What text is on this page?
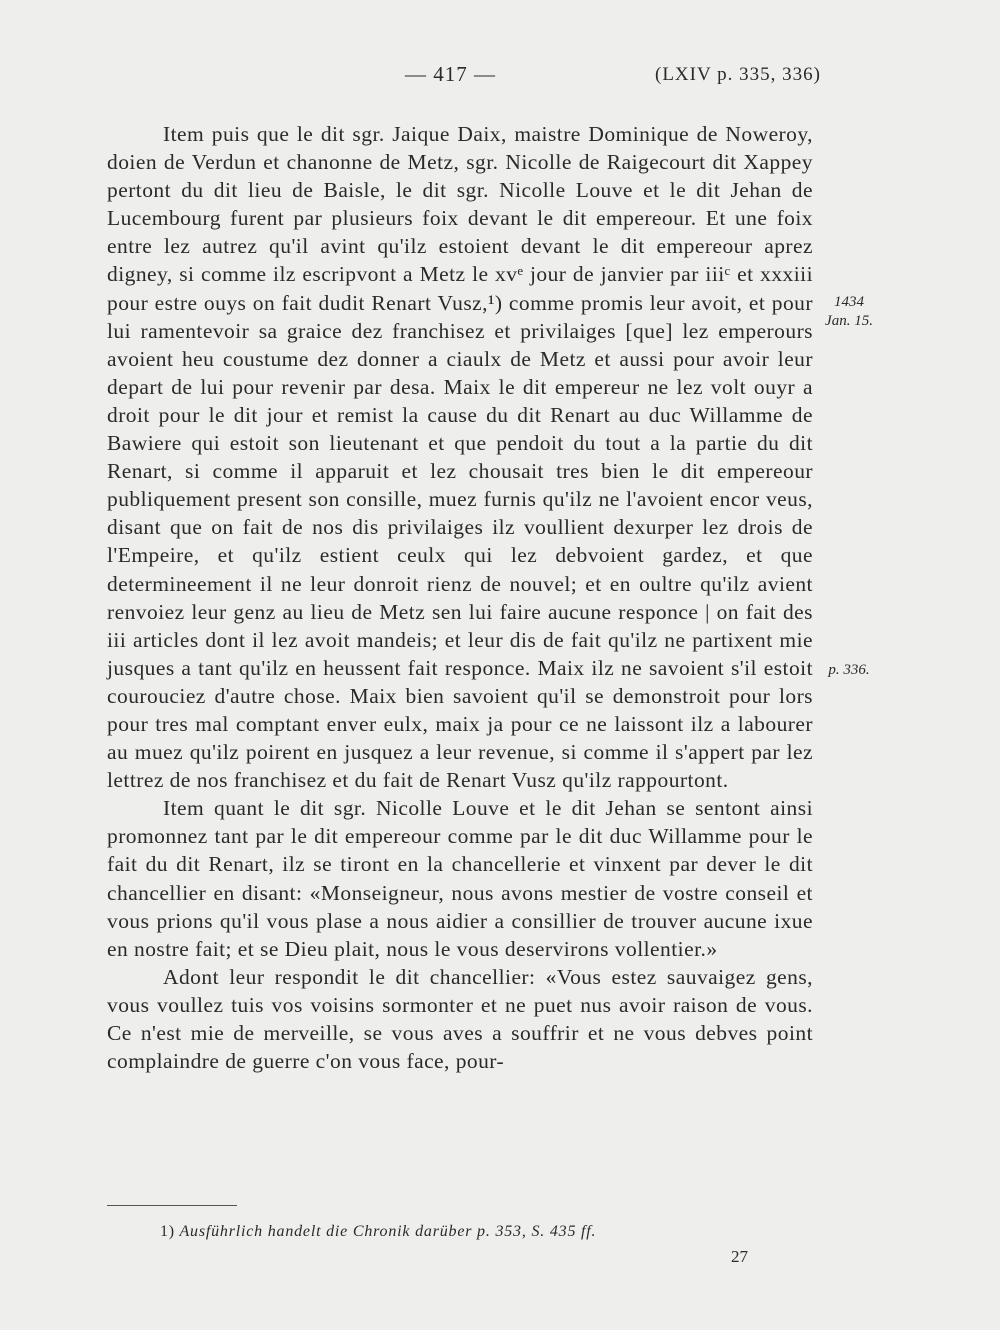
— 417 —	(LXIV p. 335, 336)

Item puis que le dit sgr. Jaique Daix, maistre Dominique de Noweroy, doien de Verdun et chanonne de Metz, sgr. Nicolle de Raigecourt dit Xappey pertont du dit lieu de Baisle, le dit sgr. Nicolle Louve et le dit Jehan de Lucembourg furent par plusieurs foix devant le dit empereour. Et une foix entre lez autrez qu'il avint qu'ilz estoient devant le dit empereour aprez digney, si comme ilz escripvont a Metz le xvᵉ jour de janvier par iiiᶜ et xxxiii pour estre ouys on fait dudit Renart Vusz,¹) comme promis leur avoit, et pour lui ramentevoir sa graice dez franchisez et privilaiges [que] lez emperours avoient heu coustume dez donner a ciaulx de Metz et aussi pour avoir leur depart de lui pour revenir par desa. Maix le dit empereur ne lez volt ouyr a droit pour le dit jour et remist la cause du dit Renart au duc Willamme de Bawiere qui estoit son lieutenant et que pendoit du tout a la partie du dit Renart, si comme il apparuit et lez chousait tres bien le dit empereour publiquement present son consille, muez furnis qu'ilz ne l'avoient encor veus, disant que on fait de nos dis privilaiges ilz voullient dexurper lez drois de l'Empeire, et qu'ilz estient ceulx qui lez debvoient gardez, et que determineement il ne leur donroit rienz de nouvel; et en oultre qu'ilz avient renvoiez leur genz au lieu de Metz sen lui faire aucune responce | on fait des iii articles dont il lez avoit mandeis; et leur dis de fait qu'ilz ne partixent mie jusques a tant qu'ilz en heussent fait responce. Maix ilz ne savoient s'il estoit courouciez d'autre chose. Maix bien savoient qu'il se demonstroit pour lors pour tres mal comptant enver eulx, maix ja pour ce ne laissont ilz a labourer au muez qu'ilz poirent en jusquez a leur revenue, si comme il s'appert par lez lettrez de nos franchisez et du fait de Renart Vusz qu'ilz rappourtont.

Item quant le dit sgr. Nicolle Louve et le dit Jehan se sentont ainsi promonnez tant par le dit empereour comme par le dit duc Willamme pour le fait du dit Renart, ilz se tiront en la chancellerie et vinxent par dever le dit chancellier en disant: «Monseigneur, nous avons mestier de vostre conseil et vous prions qu'il vous plase a nous aidier a consillier de trouver aucune ixue en nostre fait; et se Dieu plait, nous le vous deservirons vollentier.»

Adont leur respondit le dit chancellier: «Vous estez sauvaigez gens, vous voullez tuis vos voisins sormonter et ne puet nus avoir raison de vous. Ce n'est mie de merveille, se vous aves a souffrir et ne vous debves point complaindre de guerre c'on vous face, pour-

1434
Jan. 15.
p. 336.
1) Ausführlich handelt die Chronik darüber p. 353, S. 435 ff.
27
